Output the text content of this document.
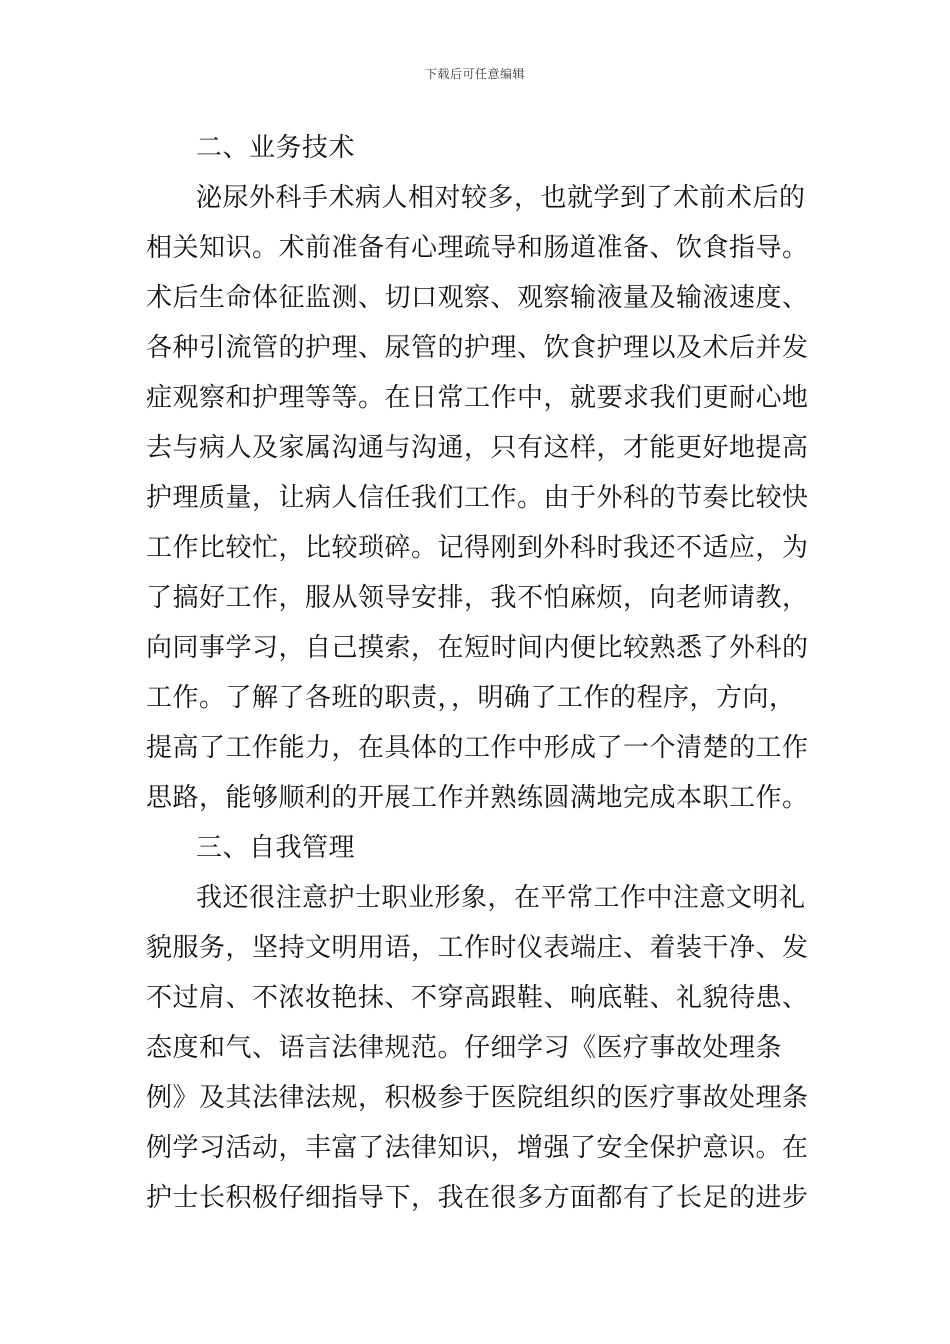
下载后可任意编辑
二、业务技术
泌尿外科手术病人相对较多，也就学到了术前术后的
相关知识。术前准备有心理疏导和肠道准备、饮食指导。
术后生命体征监测、切口观察、观察输液量及输液速度、
各种引流管的护理、尿管的护理、饮食护理以及术后并发
症观察和护理等等。在日常工作中，就要求我们更耐心地
去与病人及家属沟通与沟通，只有这样，才能更好地提高
护理质量，让病人信任我们工作。由于外科的节奏比较快
工作比较忙，比较琐碎。记得刚到外科时我还不适应，为
了搞好工作，服从领导安排，我不怕麻烦，向老师请教，
向同事学习，自己摸索，在短时间内便比较熟悉了外科的
工作。了解了各班的职责，，明确了工作的程序，方向，
提高了工作能力，在具体的工作中形成了一个清楚的工作
思路，能够顺利的开展工作并熟练圆满地完成本职工作。
三、自我管理
我还很注意护士职业形象，在平常工作中注意文明礼
貌服务，坚持文明用语，工作时仪表端庄、着装干净、发
不过肩、不浓妆艳抹、不穿高跟鞋、响底鞋、礼貌待患、
态度和气、语言法律规范。仔细学习《医疗事故处理条
例》及其法律法规，积极参于医院组织的医疗事故处理条
例学习活动，丰富了法律知识，增强了安全保护意识。在
护士长积极仔细指导下，我在很多方面都有了长足的进步
